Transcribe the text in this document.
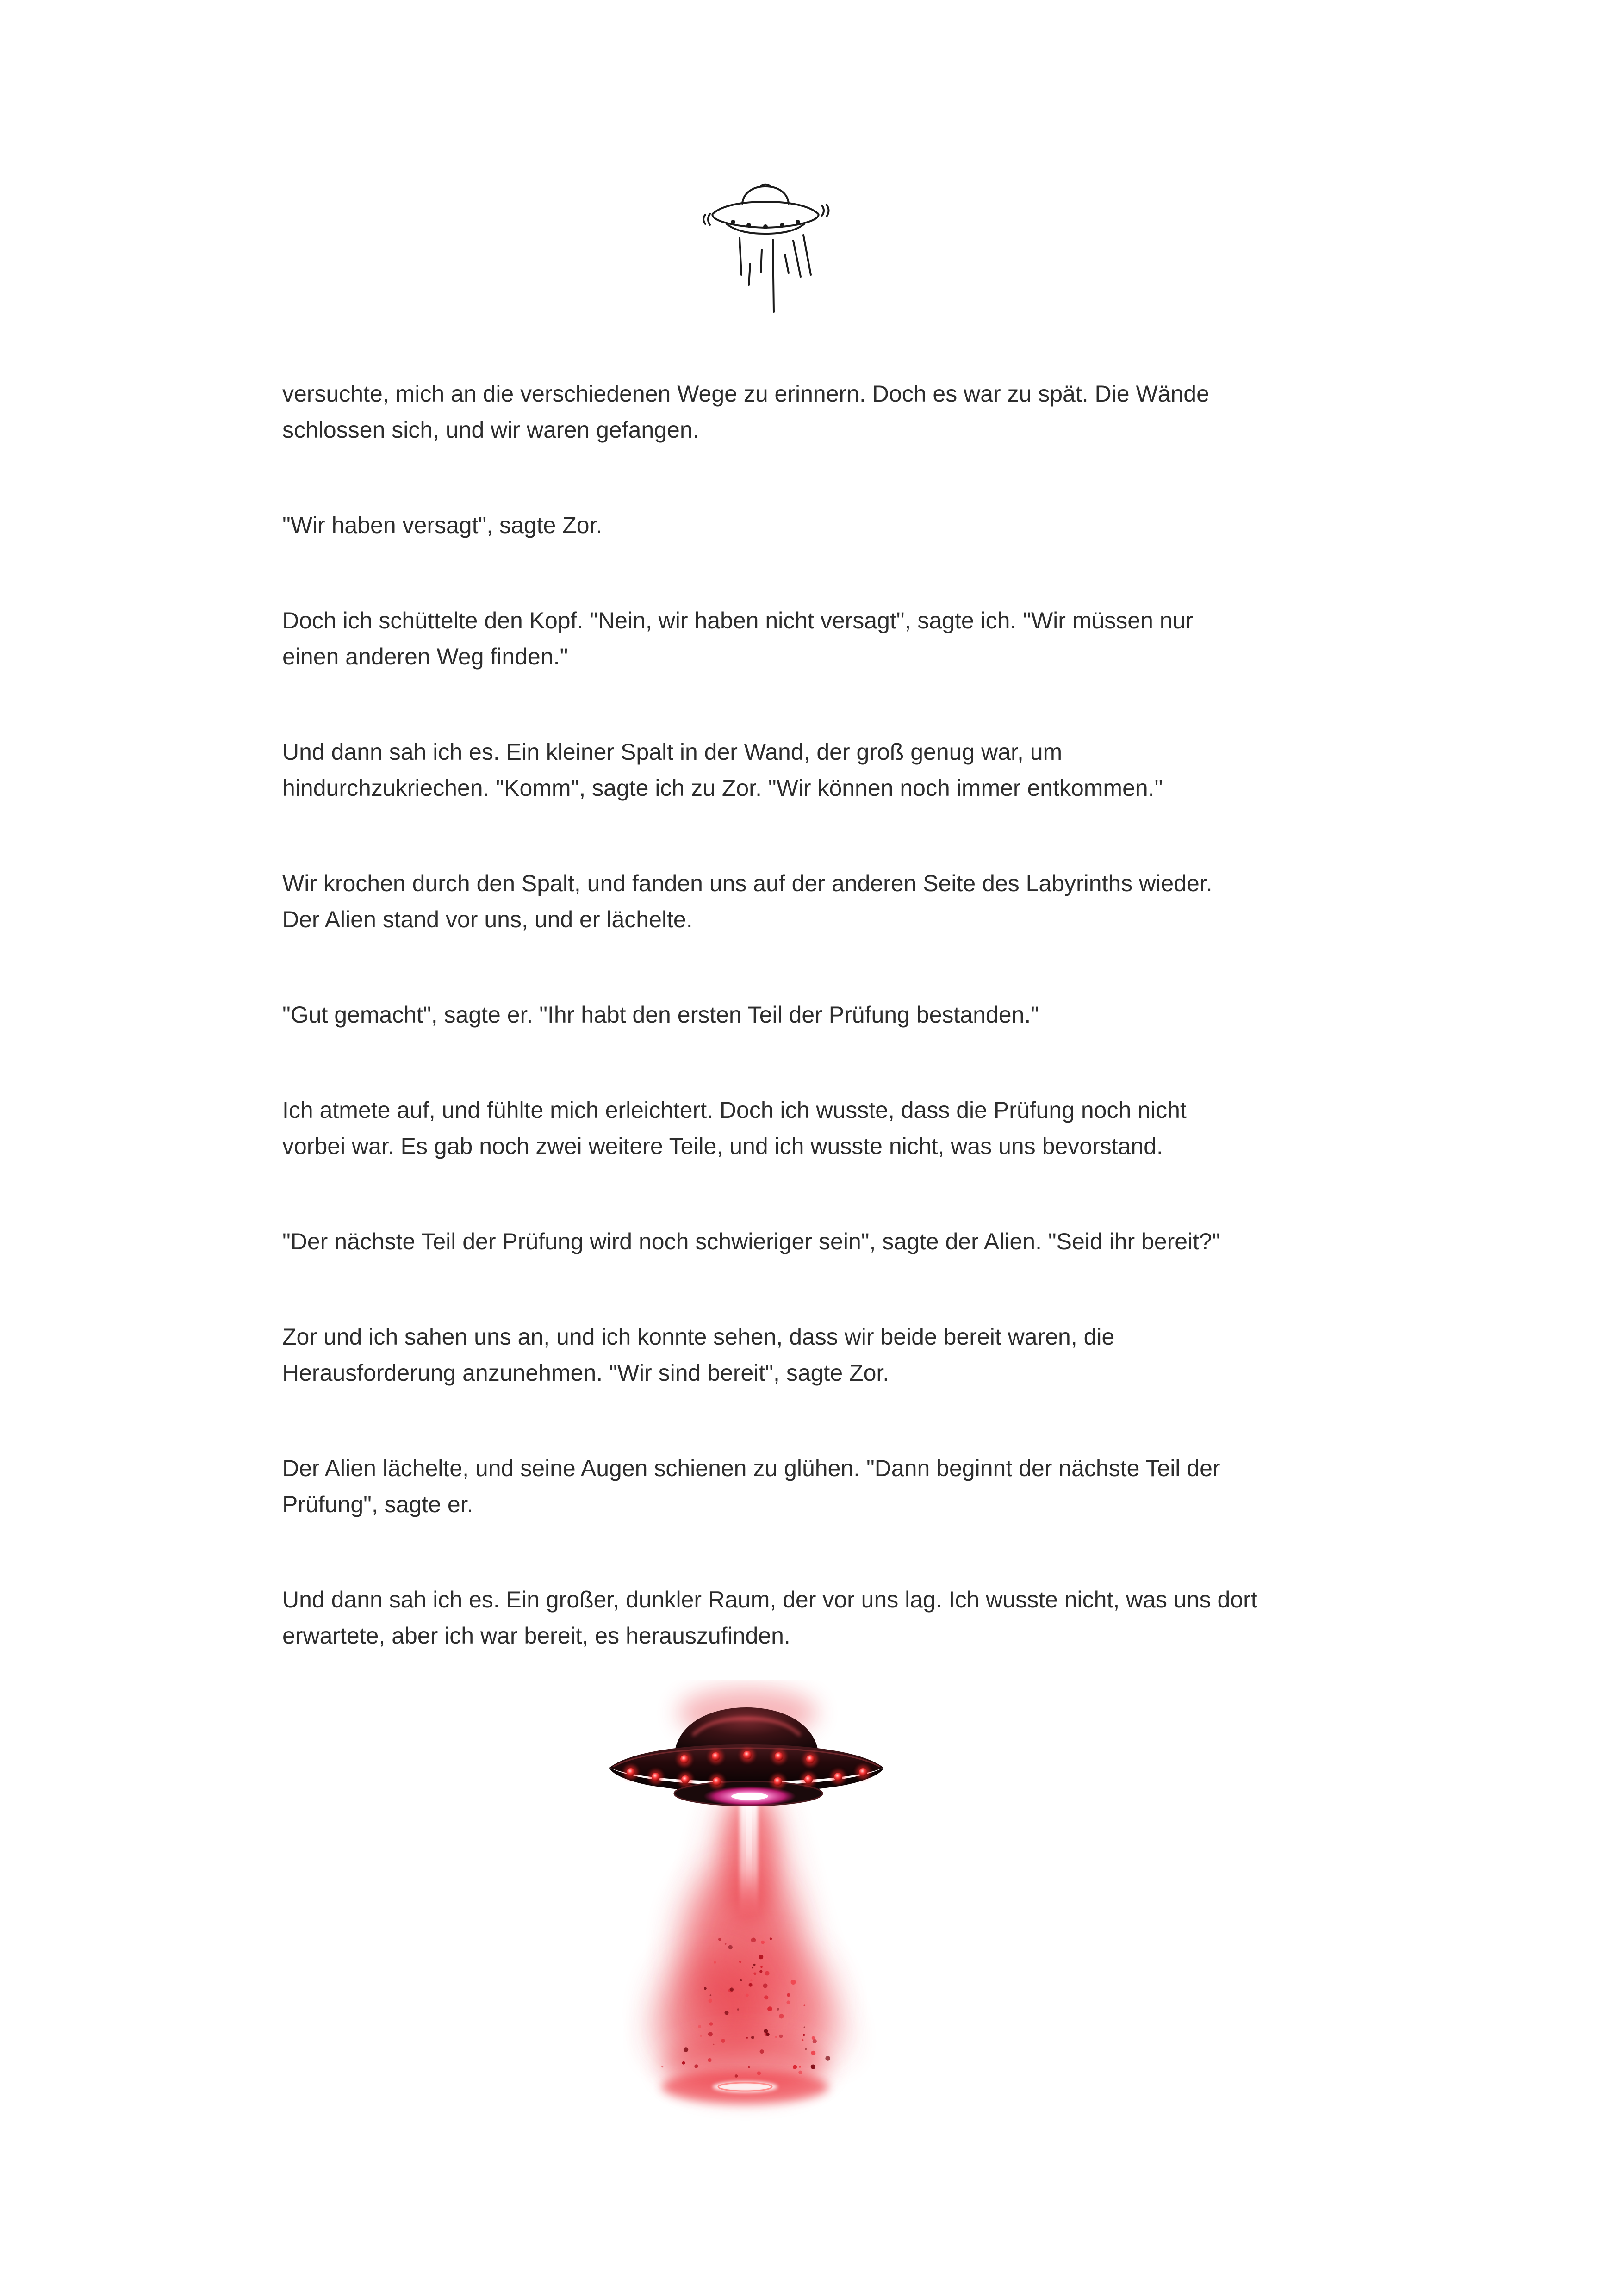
versuchte, mich an die verschiedenen Wege zu erinnern. Doch es war zu spät. Die Wände
schlossen sich, und wir waren gefangen.

"Wir haben versagt", sagte Zor.

Doch ich schüttelte den Kopf. "Nein, wir haben nicht versagt", sagte ich. "Wir müssen nur
einen anderen Weg finden."

Und dann sah ich es. Ein kleiner Spalt in der Wand, der groß genug war, um
hindurchzukriechen. "Komm", sagte ich zu Zor. "Wir können noch immer entkommen."

Wir krochen durch den Spalt, und fanden uns auf der anderen Seite des Labyrinths wieder.
Der Alien stand vor uns, und er lächelte.

"Gut gemacht", sagte er. "Ihr habt den ersten Teil der Prüfung bestanden."

Ich atmete auf, und fühlte mich erleichtert. Doch ich wusste, dass die Prüfung noch nicht
vorbei war. Es gab noch zwei weitere Teile, und ich wusste nicht, was uns bevorstand.

"Der nächste Teil der Prüfung wird noch schwieriger sein", sagte der Alien. "Seid ihr bereit?"

Zor und ich sahen uns an, und ich konnte sehen, dass wir beide bereit waren, die
Herausforderung anzunehmen. "Wir sind bereit", sagte Zor.

Der Alien lächelte, und seine Augen schienen zu glühen. "Dann beginnt der nächste Teil der
Prüfung", sagte er.

Und dann sah ich es. Ein großer, dunkler Raum, der vor uns lag. Ich wusste nicht, was uns dort
erwartete, aber ich war bereit, es herauszufinden.
